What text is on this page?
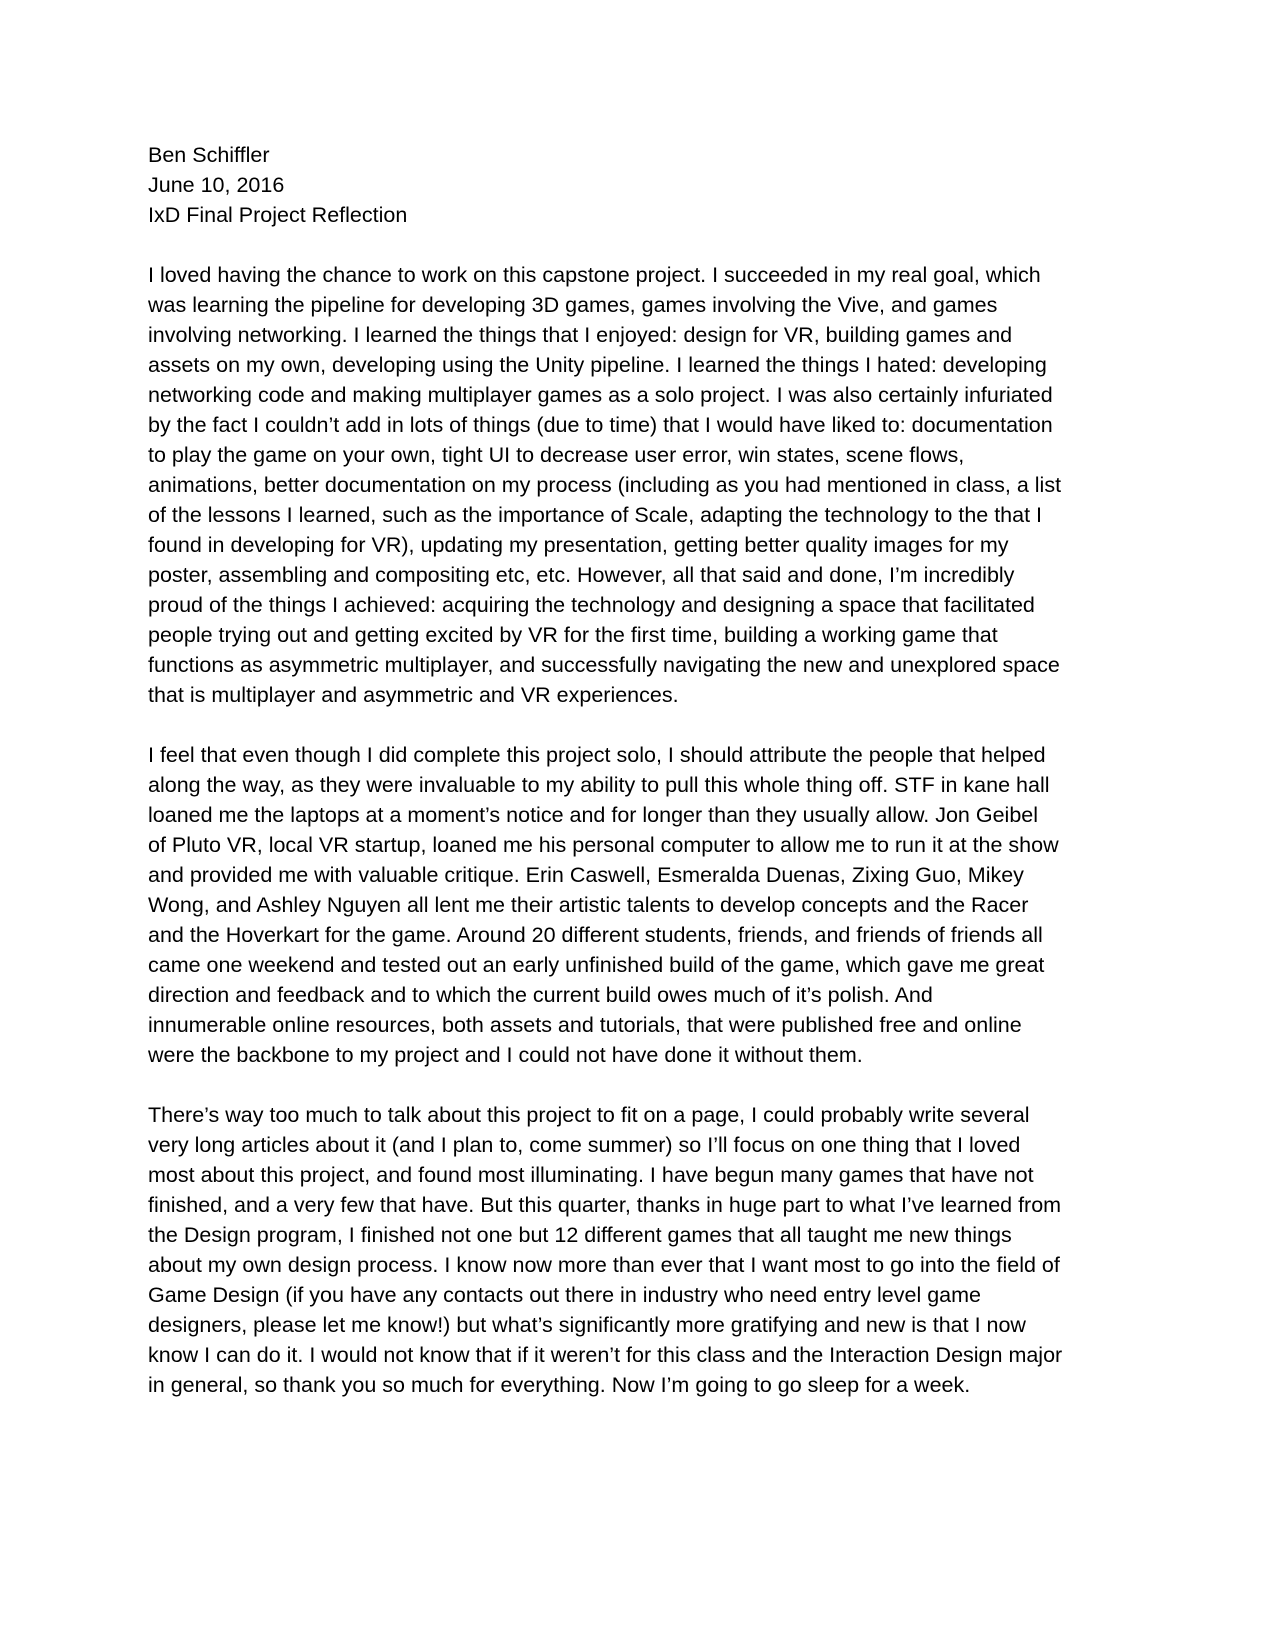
Ben Schiffler
June 10, 2016
IxD Final Project Reflection

I loved having the chance to work on this capstone project. I succeeded in my real goal, which
was learning the pipeline for developing 3D games, games involving the Vive, and games
involving networking. I learned the things that I enjoyed: design for VR, building games and
assets on my own, developing using the Unity pipeline. I learned the things I hated: developing
networking code and making multiplayer games as a solo project. I was also certainly infuriated
by the fact I couldn’t add in lots of things (due to time) that I would have liked to: documentation
to play the game on your own, tight UI to decrease user error, win states, scene flows,
animations, better documentation on my process (including as you had mentioned in class, a list
of the lessons I learned, such as the importance of Scale, adapting the technology to the that I
found in developing for VR), updating my presentation, getting better quality images for my
poster, assembling and compositing etc, etc. However, all that said and done, I’m incredibly
proud of the things I achieved: acquiring the technology and designing a space that facilitated
people trying out and getting excited by VR for the first time, building a working game that
functions as asymmetric multiplayer, and successfully navigating the new and unexplored space
that is multiplayer and asymmetric and VR experiences.

I feel that even though I did complete this project solo, I should attribute the people that helped
along the way, as they were invaluable to my ability to pull this whole thing off. STF in kane hall
loaned me the laptops at a moment’s notice and for longer than they usually allow. Jon Geibel
of Pluto VR, local VR startup, loaned me his personal computer to allow me to run it at the show
and provided me with valuable critique. Erin Caswell, Esmeralda Duenas, Zixing Guo, Mikey
Wong, and Ashley Nguyen all lent me their artistic talents to develop concepts and the Racer
and the Hoverkart for the game. Around 20 different students, friends, and friends of friends all
came one weekend and tested out an early unfinished build of the game, which gave me great
direction and feedback and to which the current build owes much of it’s polish. And
innumerable online resources, both assets and tutorials, that were published free and online
were the backbone to my project and I could not have done it without them.

There’s way too much to talk about this project to fit on a page, I could probably write several
very long articles about it (and I plan to, come summer) so I’ll focus on one thing that I loved
most about this project, and found most illuminating. I have begun many games that have not
finished, and a very few that have. But this quarter, thanks in huge part to what I’ve learned from
the Design program, I finished not one but 12 different games that all taught me new things
about my own design process. I know now more than ever that I want most to go into the field of
Game Design (if you have any contacts out there in industry who need entry level game
designers, please let me know!) but what’s significantly more gratifying and new is that I now
know I can do it. I would not know that if it weren’t for this class and the Interaction Design major
in general, so thank you so much for everything. Now I’m going to go sleep for a week.
